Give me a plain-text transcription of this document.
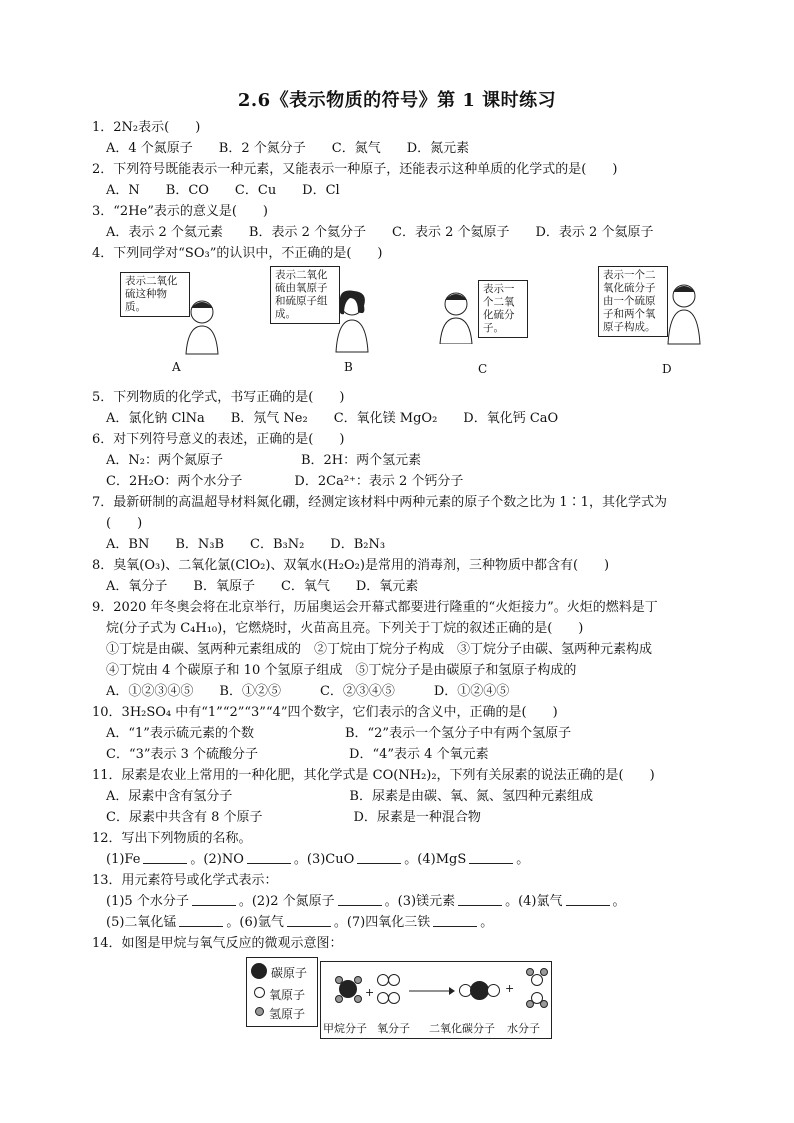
2.6《表示物质的符号》第 1 课时练习
1．2N₂表示(　　)
A．4 个氮原子　　B．2 个氮分子　　C．氮气　　D．氮元素
2．下列符号既能表示一种元素，又能表示一种原子，还能表示这种单质的化学式的是(　　)
A．N　　B．CO　　C．Cu　　D．Cl
3．“2He”表示的意义是(　　)
A．表示 2 个氦元素　　B．表示 2 个氦分子　　C．表示 2 个氦原子　　D．表示 2 个氦原子
4．下列同学对“SO₃”的认识中，不正确的是(　　)
表示二氧化硫这种物质。
A
表示二氧化硫由氧原子和硫原子组成。
B
表示一个二氧化硫分子。
C
表示一个二氧化硫分子由一个硫原子和两个氧原子构成。
D
5．下列物质的化学式，书写正确的是(　　)
A．氯化钠 ClNa　　B．氖气 Ne₂　　C．氧化镁 MgO₂　　D．氧化钙 CaO
6．对下列符号意义的表述，正确的是(　　)
A．N₂：两个氮原子　　　　　　B．2H：两个氢元素
C．2H₂O：两个水分子　　　　D．2Ca²⁺：表示 2 个钙分子
7．最新研制的高温超导材料氮化硼，经测定该材料中两种元素的原子个数之比为 1∶1，其化学式为
(　　)
A．BN　　B．N₃B　　C．B₃N₂　　D．B₂N₃
8．臭氧(O₃)、二氧化氯(ClO₂)、双氧水(H₂O₂)是常用的消毒剂，三种物质中都含有(　　)
A．氧分子　　B．氧原子　　C．氧气　　D．氧元素
9．2020 年冬奥会将在北京举行，历届奥运会开幕式都要进行隆重的“火炬接力”。火炬的燃料是丁
烷(分子式为 C₄H₁₀)，它燃烧时，火苗高且亮。下列关于丁烷的叙述正确的是(　　)
①丁烷是由碳、氢两种元素组成的　②丁烷由丁烷分子构成　③丁烷分子由碳、氢两种元素构成
④丁烷由 4 个碳原子和 10 个氢原子组成　⑤丁烷分子是由碳原子和氢原子构成的
A．①②③④⑤　　B．①②⑤　　　C．②③④⑤　　　D．①②④⑤
10．3H₂SO₄ 中有“1”“2”“3”“4”四个数字，它们表示的含义中，正确的是(　　)
A．“1”表示硫元素的个数　　　　　　　B．“2”表示一个氢分子中有两个氢原子
C．“3”表示 3 个硫酸分子　　　　　　　D．“4”表示 4 个氧元素
11．尿素是农业上常用的一种化肥，其化学式是 CO(NH₂)₂，下列有关尿素的说法正确的是(　　)
A．尿素中含有氢分子　　　　　　　　　B．尿素是由碳、氧、氮、氢四种元素组成
C．尿素中共含有 8 个原子　　　　　　　D．尿素是一种混合物
12．写出下列物质的名称。
(1)Fe	。(2)NO	。(3)CuO	。(4)MgS	。
13．用元素符号或化学式表示：
(1)5 个水分子	。(2)2 个氮原子	。(3)镁元素	。(4)氯气	。
(5)二氧化锰	。(6)氩气	。(7)四氧化三铁	。
14．如图是甲烷与氧气反应的微观示意图：
碳原子
氧原子
氢原子
+	+
甲烷分子 氧分子 二氧化碳分子 水分子
